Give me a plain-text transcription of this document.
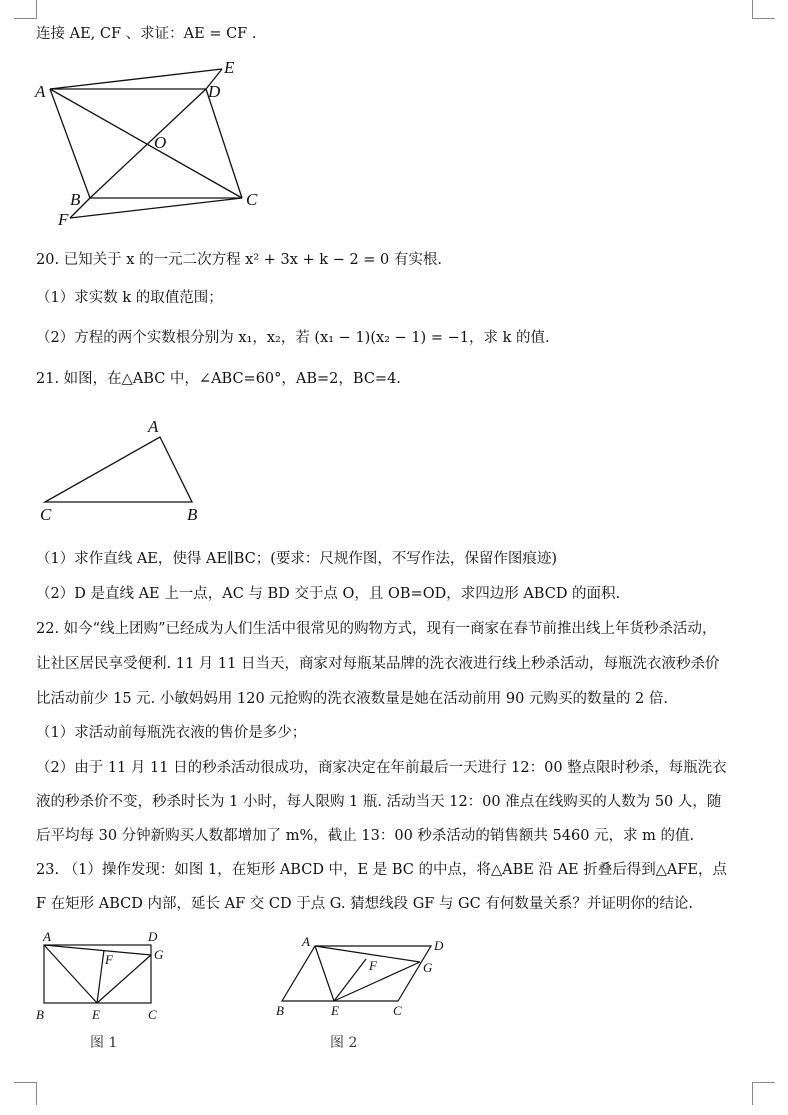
连接 AE, CF 、求证：AE = CF .
20. 已知关于 x 的一元二次方程 x² + 3x + k − 2 = 0 有实根.
（1）求实数 k 的取值范围；
（2）方程的两个实数根分别为 x₁，x₂，若 (x₁ − 1)(x₂ − 1) = −1，求 k 的值.
21. 如图，在△ABC 中，∠ABC=60°，AB=2，BC=4.
（1）求作直线 AE，使得 AE∥BC；(要求：尺规作图，不写作法，保留作图痕迹)
（2）D 是直线 AE 上一点，AC 与 BD 交于点 O，且 OB=OD，求四边形 ABCD 的面积.
22. 如今“线上团购”已经成为人们生活中很常见的购物方式，现有一商家在春节前推出线上年货秒杀活动，
让社区居民享受便利. 11 月 11 日当天，商家对每瓶某品牌的洗衣液进行线上秒杀活动，每瓶洗衣液秒杀价
比活动前少 15 元. 小敏妈妈用 120 元抢购的洗衣液数量是她在活动前用 90 元购买的数量的 2 倍.
（1）求活动前每瓶洗衣液的售价是多少；
（2）由于 11 月 11 日的秒杀活动很成功，商家决定在年前最后一天进行 12：00 整点限时秒杀，每瓶洗衣
液的秒杀价不变，秒杀时长为 1 小时，每人限购 1 瓶. 活动当天 12：00 准点在线购买的人数为 50 人，随
后平均每 30 分钟新购买人数都增加了 m%，截止 13：00 秒杀活动的销售额共 5460 元，求 m 的值.
23. （1）操作发现：如图 1，在矩形 ABCD 中，E 是 BC 的中点，将△ABE 沿 AE 折叠后得到△AFE，点
F 在矩形 ABCD 内部，延长 AF 交 CD 于点 G. 猜想线段 GF 与 GC 有何数量关系？并证明你的结论.
A
E
D
O
B	C
F
A
C	B
A	D
G
F
B	E	C
A	D
G
F
B	E	C
图 1	图 2
